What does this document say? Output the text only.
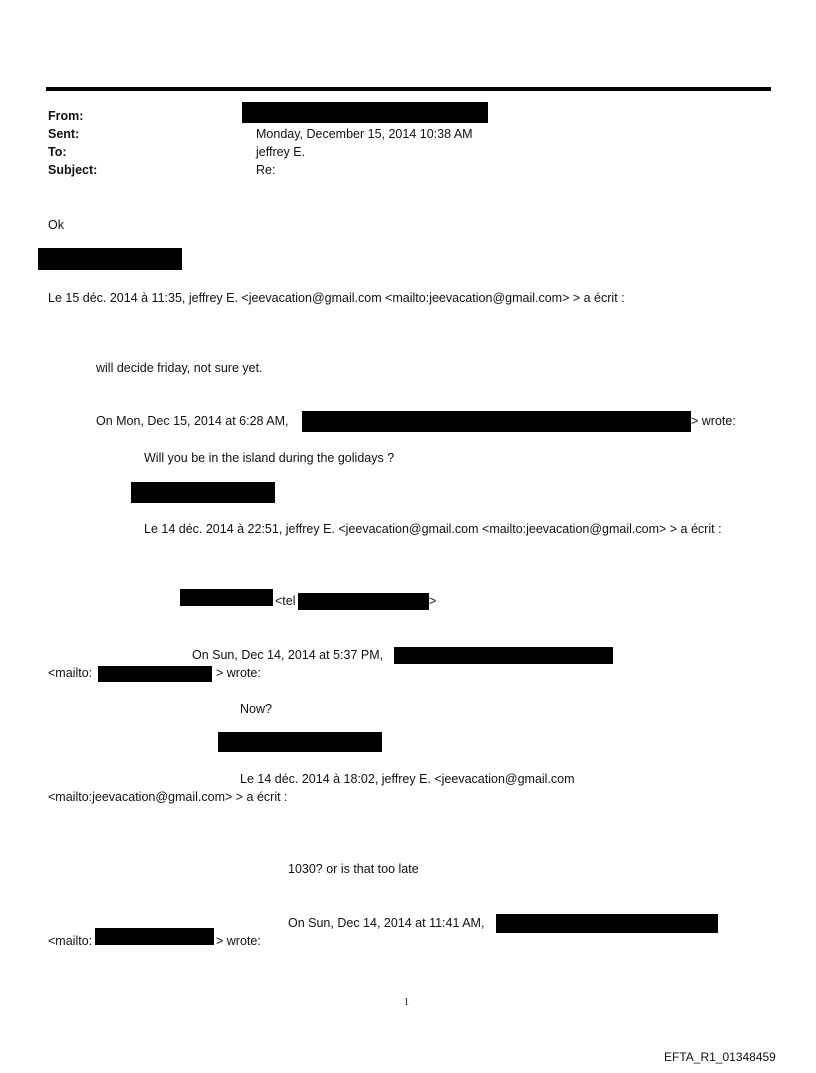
From:
Sent:	Monday, December 15, 2014 10:38 AM
To:	jeffrey E.
Subject:	Re:
Ok
Le 15 déc. 2014 à 11:35, jeffrey E. <jeevacation@gmail.com <mailto:jeevacation@gmail.com> > a écrit :
will decide friday, not sure yet.
On Mon, Dec 15, 2014 at 6:28 AM,	> wrote:
Will you be in the island during the golidays ?
Le 14 déc. 2014 à 22:51, jeffrey E. <jeevacation@gmail.com <mailto:jeevacation@gmail.com> > a écrit :
<tel	>
On Sun, Dec 14, 2014 at 5:37 PM,
<mailto:	> wrote:
Now?
Le 14 déc. 2014 à 18:02, jeffrey E. <jeevacation@gmail.com
<mailto:jeevacation@gmail.com> > a écrit :
1030? or is that too late
On Sun, Dec 14, 2014 at 11:41 AM,
<mailto:	> wrote:
1
EFTA_R1_01348459
